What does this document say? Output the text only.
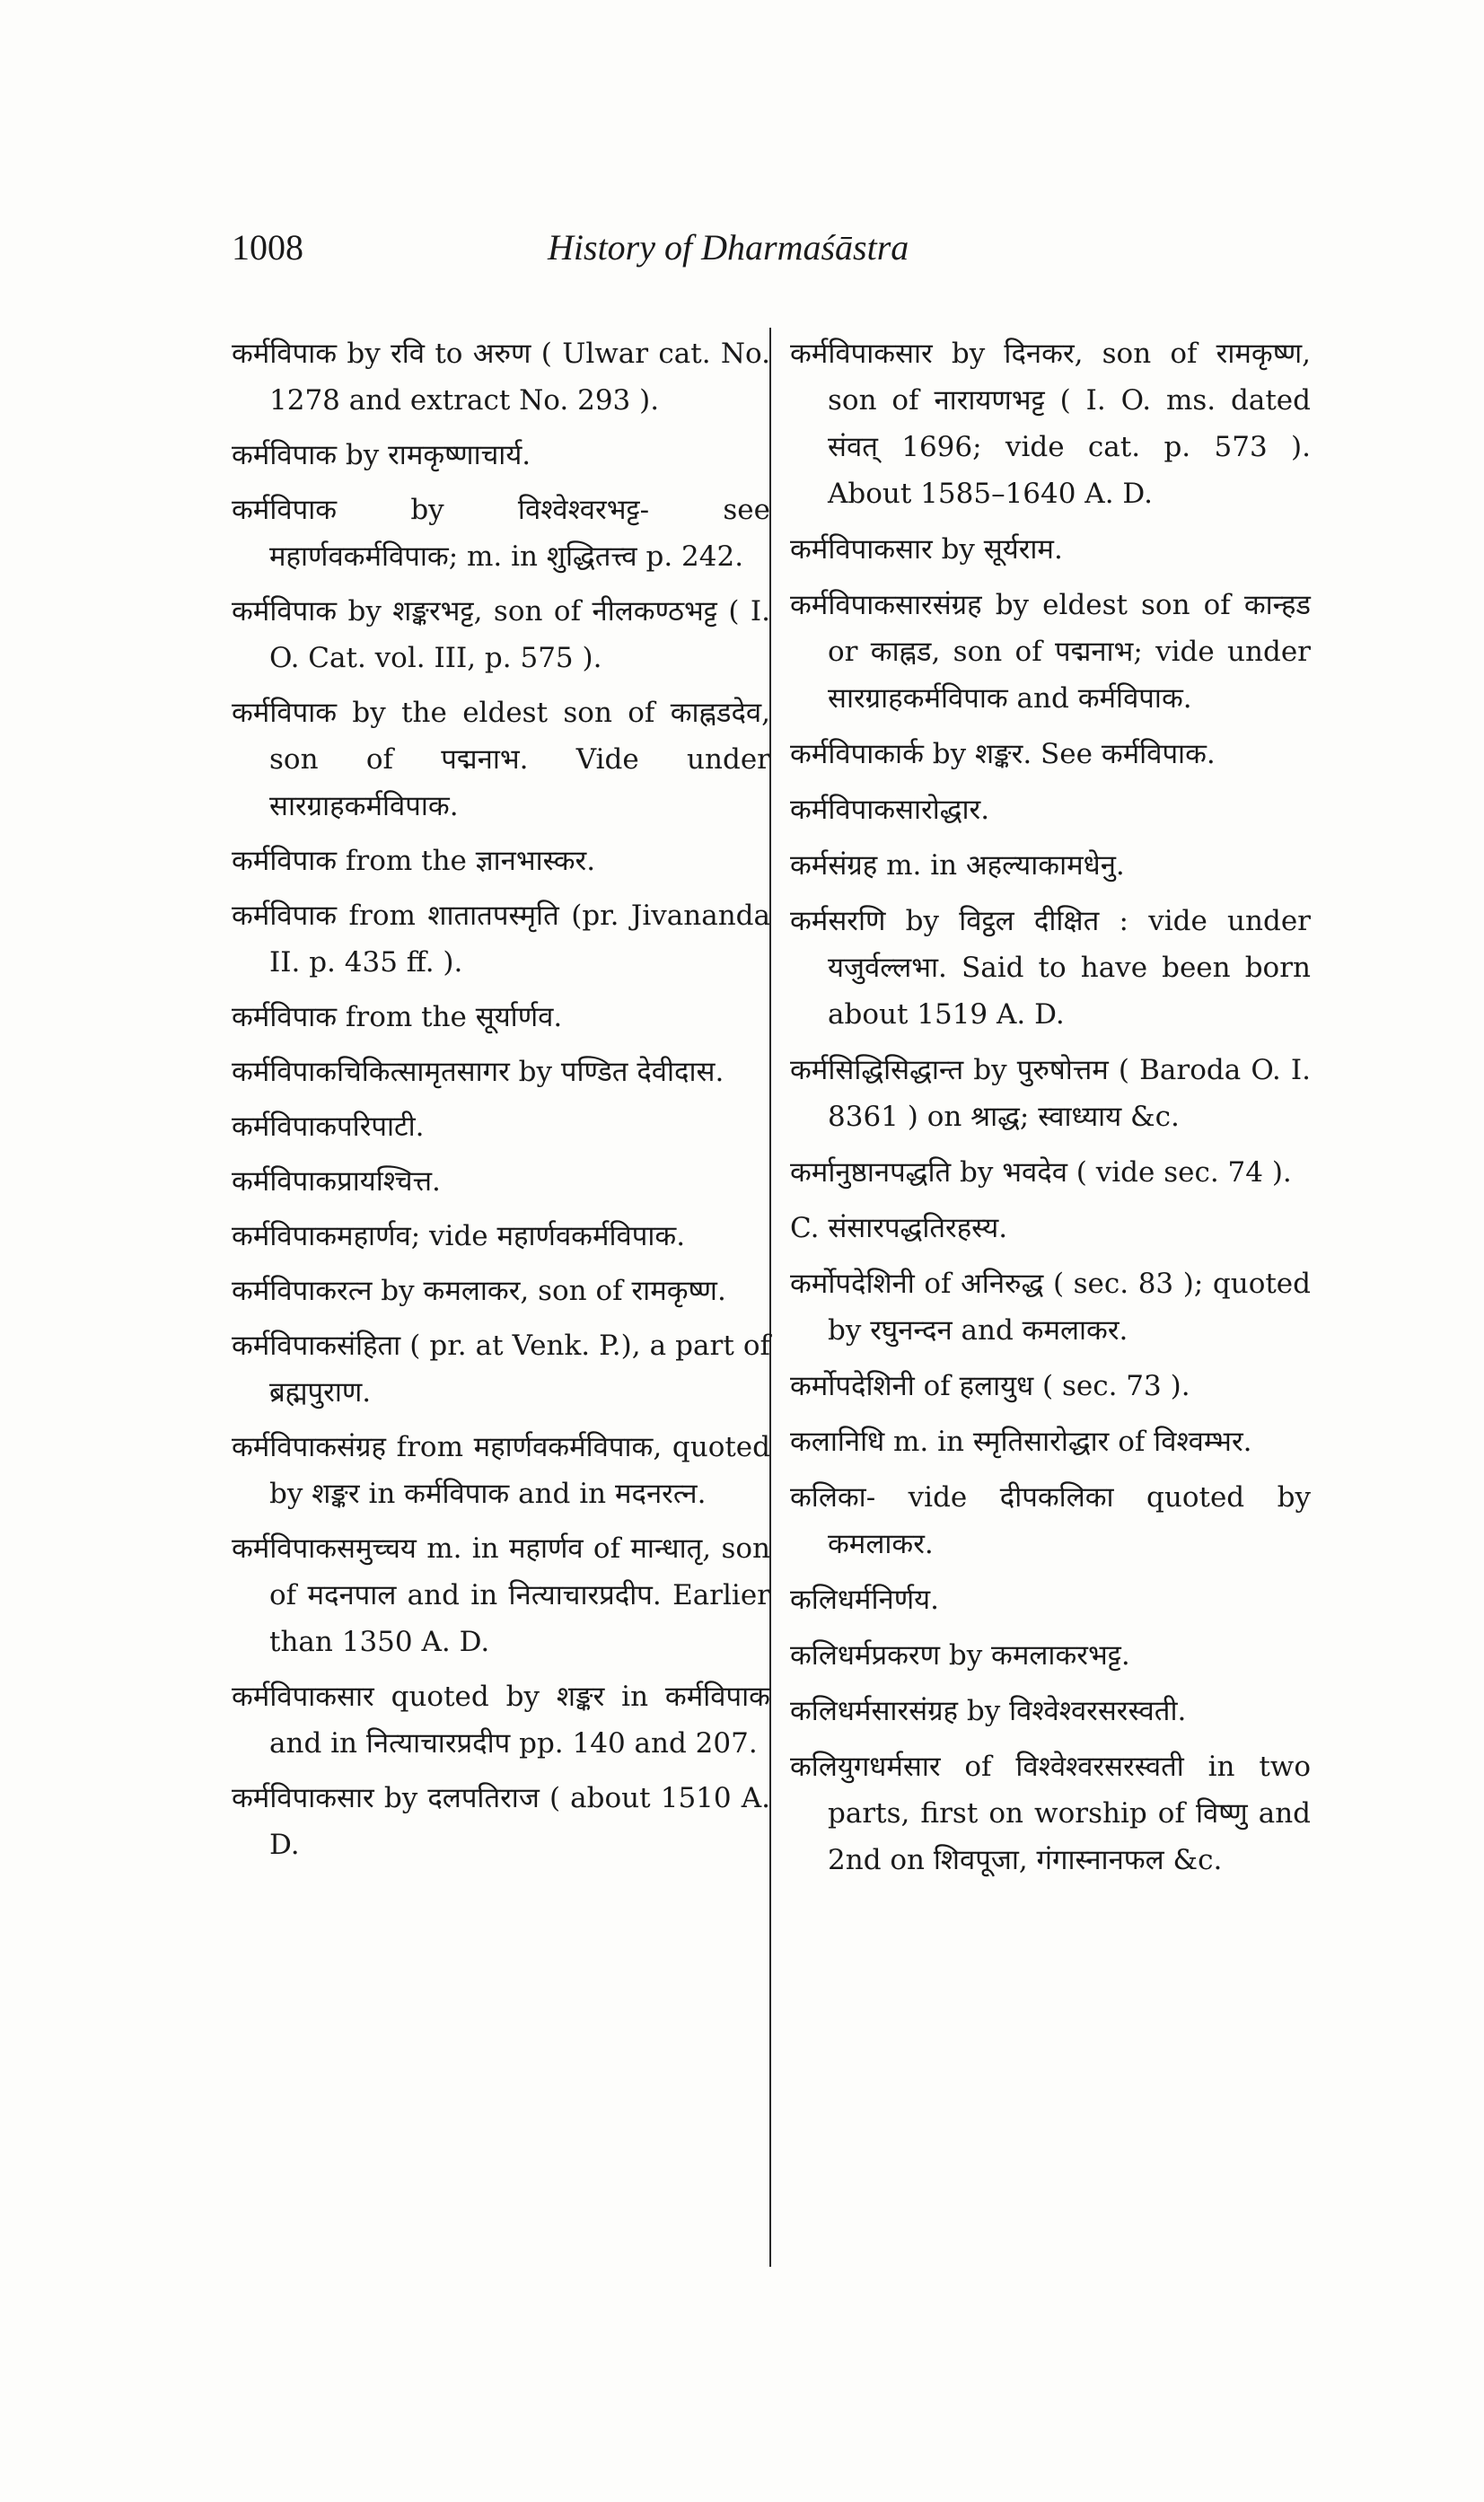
1008	History of Dharmaśāstra

कर्मविपाक by रवि to अरुण ( Ulwar cat. No. 1278 and extract No. 293 ).

कर्मविपाक by रामकृष्णाचार्य.

कर्मविपाक by विश्वेश्वरभट्ट- see महार्णवकर्मविपाक; m. in शुद्धितत्त्व p. 242.

कर्मविपाक by शङ्करभट्ट, son of नीलकण्ठभट्ट ( I. O. Cat. vol. III, p. 575 ).

कर्मविपाक by the eldest son of काह्नडदेव, son of पद्मनाभ. Vide under सारग्राहकर्मविपाक.

कर्मविपाक from the ज्ञानभास्कर.

कर्मविपाक from शातातपस्मृति (pr. Jivananda II. p. 435 ff. ).

कर्मविपाक from the सूर्यार्णव.

कर्मविपाकचिकित्सामृतसागर by पण्डित देवीदास.

कर्मविपाकपरिपाटी.

कर्मविपाकप्रायश्चित्त.

कर्मविपाकमहार्णव; vide महार्णवकर्मविपाक.

कर्मविपाकरत्न by कमलाकर, son of रामकृष्ण.

कर्मविपाकसंहिता ( pr. at Venk. P.), a part of ब्रह्मपुराण.

कर्मविपाकसंग्रह from महार्णवकर्मविपाक, quoted by शङ्कर in कर्मविपाक and in मदनरत्न.

कर्मविपाकसमुच्चय m. in महार्णव of मान्धातृ, son of मदनपाल and in नित्याचारप्रदीप. Earlier than 1350 A. D.

कर्मविपाकसार quoted by शङ्कर in कर्मविपाक and in नित्याचारप्रदीप pp. 140 and 207.

कर्मविपाकसार by दलपतिराज ( about 1510 A. D.

कर्मविपाकसार by दिनकर, son of रामकृष्ण, son of नारायणभट्ट ( I. O. ms. dated संवत् 1696; vide cat. p. 573 ). About 1585–1640 A. D.

कर्मविपाकसार by सूर्यराम.

कर्मविपाकसारसंग्रह by eldest son of कान्हड or काह्नड, son of पद्मनाभ; vide under सारग्राहकर्मविपाक and कर्मविपाक.

कर्मविपाकार्क by शङ्कर. See कर्मविपाक.

कर्मविपाकसारोद्धार.

कर्मसंग्रह m. in अहल्याकामधेनु.

कर्मसरणि by विट्ठल दीक्षित : vide under यजुर्वल्लभा. Said to have been born about 1519 A. D.

कर्मसिद्धिसिद्धान्त by पुरुषोत्तम ( Baroda O. I. 8361 ) on श्राद्ध; स्वाध्याय &c.

कर्मानुष्ठानपद्धति by भवदेव ( vide sec. 74 ).

C. संसारपद्धतिरहस्य.

कर्मोपदेशिनी of अनिरुद्ध ( sec. 83 ); quoted by रघुनन्दन and कमलाकर.

कर्मोपदेशिनी of हलायुध ( sec. 73 ).

कलानिधि m. in स्मृतिसारोद्धार of विश्वम्भर.

कलिका- vide दीपकलिका quoted by कमलाकर.

कलिधर्मनिर्णय.

कलिधर्मप्रकरण by कमलाकरभट्ट.

कलिधर्मसारसंग्रह by विश्वेश्वरसरस्वती.

कलियुगधर्मसार of विश्वेश्वरसरस्वती in two parts, first on worship of विष्णु and 2nd on शिवपूजा, गंगास्नानफल &c.
